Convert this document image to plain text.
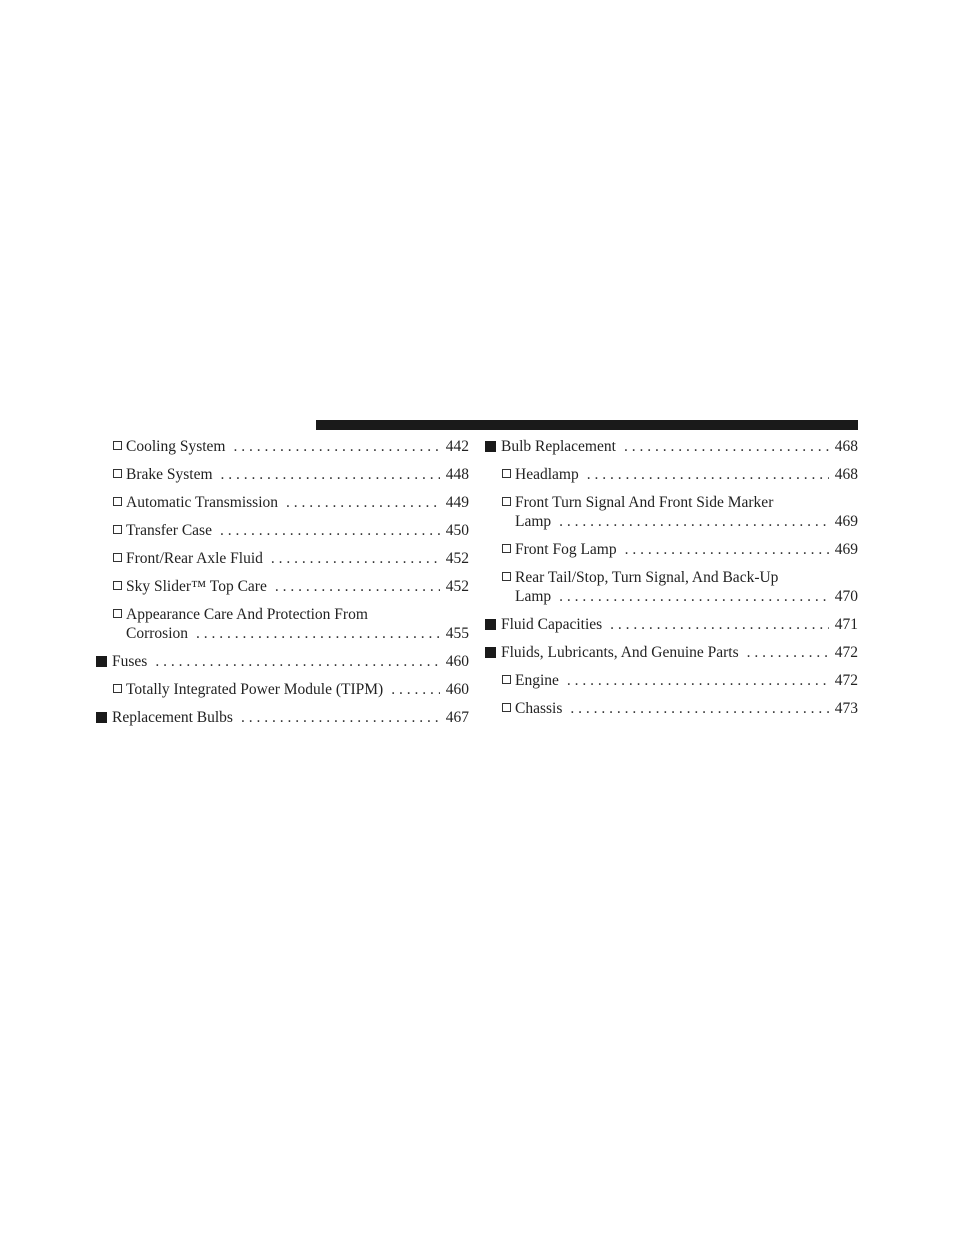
Cooling System . . .	442
Brake System . . .	448
Automatic Transmission . . .	449
Transfer Case . . .	450
Front/Rear Axle Fluid . . .	452
Sky Slider™ Top Care . . .	452
Appearance Care And Protection From
Corrosion . . .	455
Fuses . . .	460
Totally Integrated Power Module (TIPM) . . .	460
Replacement Bulbs . . .	467
Bulb Replacement . . .	468
Headlamp . . .	468
Front Turn Signal And Front Side Marker
Lamp . . .	469
Front Fog Lamp . . .	469
Rear Tail/Stop, Turn Signal, And Back-Up
Lamp . . .	470
Fluid Capacities . . .	471
Fluids, Lubricants, And Genuine Parts . . .	472
Engine . . .	472
Chassis . . .	473
